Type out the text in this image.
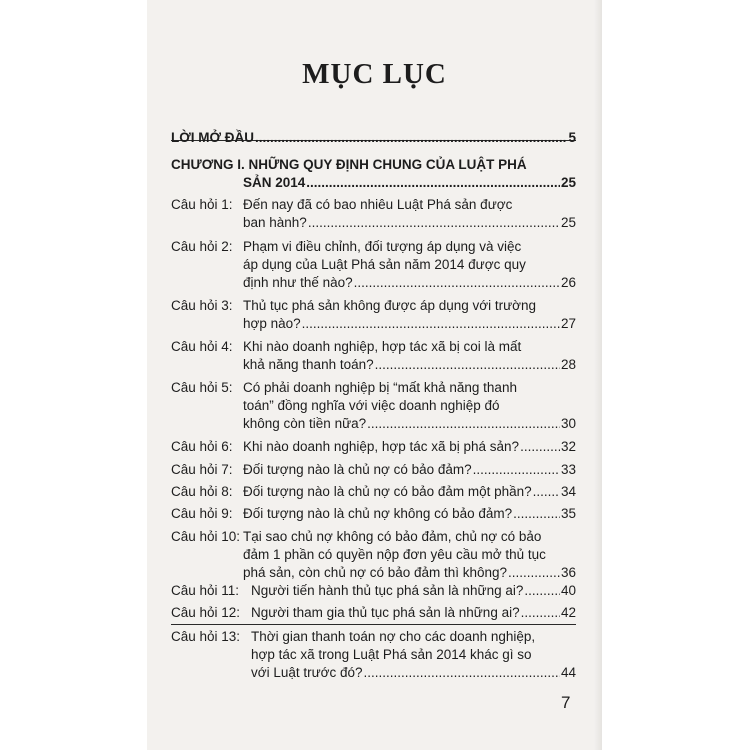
MỤC LỤC
LỜI MỞ ĐẦU .....	5
CHƯƠNG I. NHỮNG QUY ĐỊNH CHUNG CỦA LUẬT PHÁ
SẢN 2014 .....	25
Câu hỏi 1: Đến nay đã có bao nhiêu Luật Phá sản được
ban hành? .....	25
Câu hỏi 2: Phạm vi điều chỉnh, đối tượng áp dụng và việc
áp dụng của Luật Phá sản năm 2014 được quy
định như thế nào? .....	26
Câu hỏi 3: Thủ tục phá sản không được áp dụng với trường
hợp nào? .....	27
Câu hỏi 4: Khi nào doanh nghiệp, hợp tác xã bị coi là mất
khả năng thanh toán? .....	28
Câu hỏi 5: Có phải doanh nghiệp bị “mất khả năng thanh
toán” đồng nghĩa với việc doanh nghiệp đó
không còn tiền nữa? .....	30
Câu hỏi 6: Khi nào doanh nghiệp, hợp tác xã bị phá sản? .....	32
Câu hỏi 7: Đối tượng nào là chủ nợ có bảo đảm? .....	33
Câu hỏi 8: Đối tượng nào là chủ nợ có bảo đảm một phần? ..... 34
Câu hỏi 9: Đối tượng nào là chủ nợ không có bảo đảm? .....	35
Câu hỏi 10: Tại sao chủ nợ không có bảo đảm, chủ nợ có bảo
đảm 1 phần có quyền nộp đơn yêu cầu mở thủ tục
phá sản, còn chủ nợ có bảo đảm thì không? .....	36
Câu hỏi 11: Người tiến hành thủ tục phá sản là những ai? .....	40
Câu hỏi 12: Người tham gia thủ tục phá sản là những ai? .....	42
Câu hỏi 13: Thời gian thanh toán nợ cho các doanh nghiệp,
hợp tác xã trong Luật Phá sản 2014 khác gì so
với Luật trước đó? .....	44
7
